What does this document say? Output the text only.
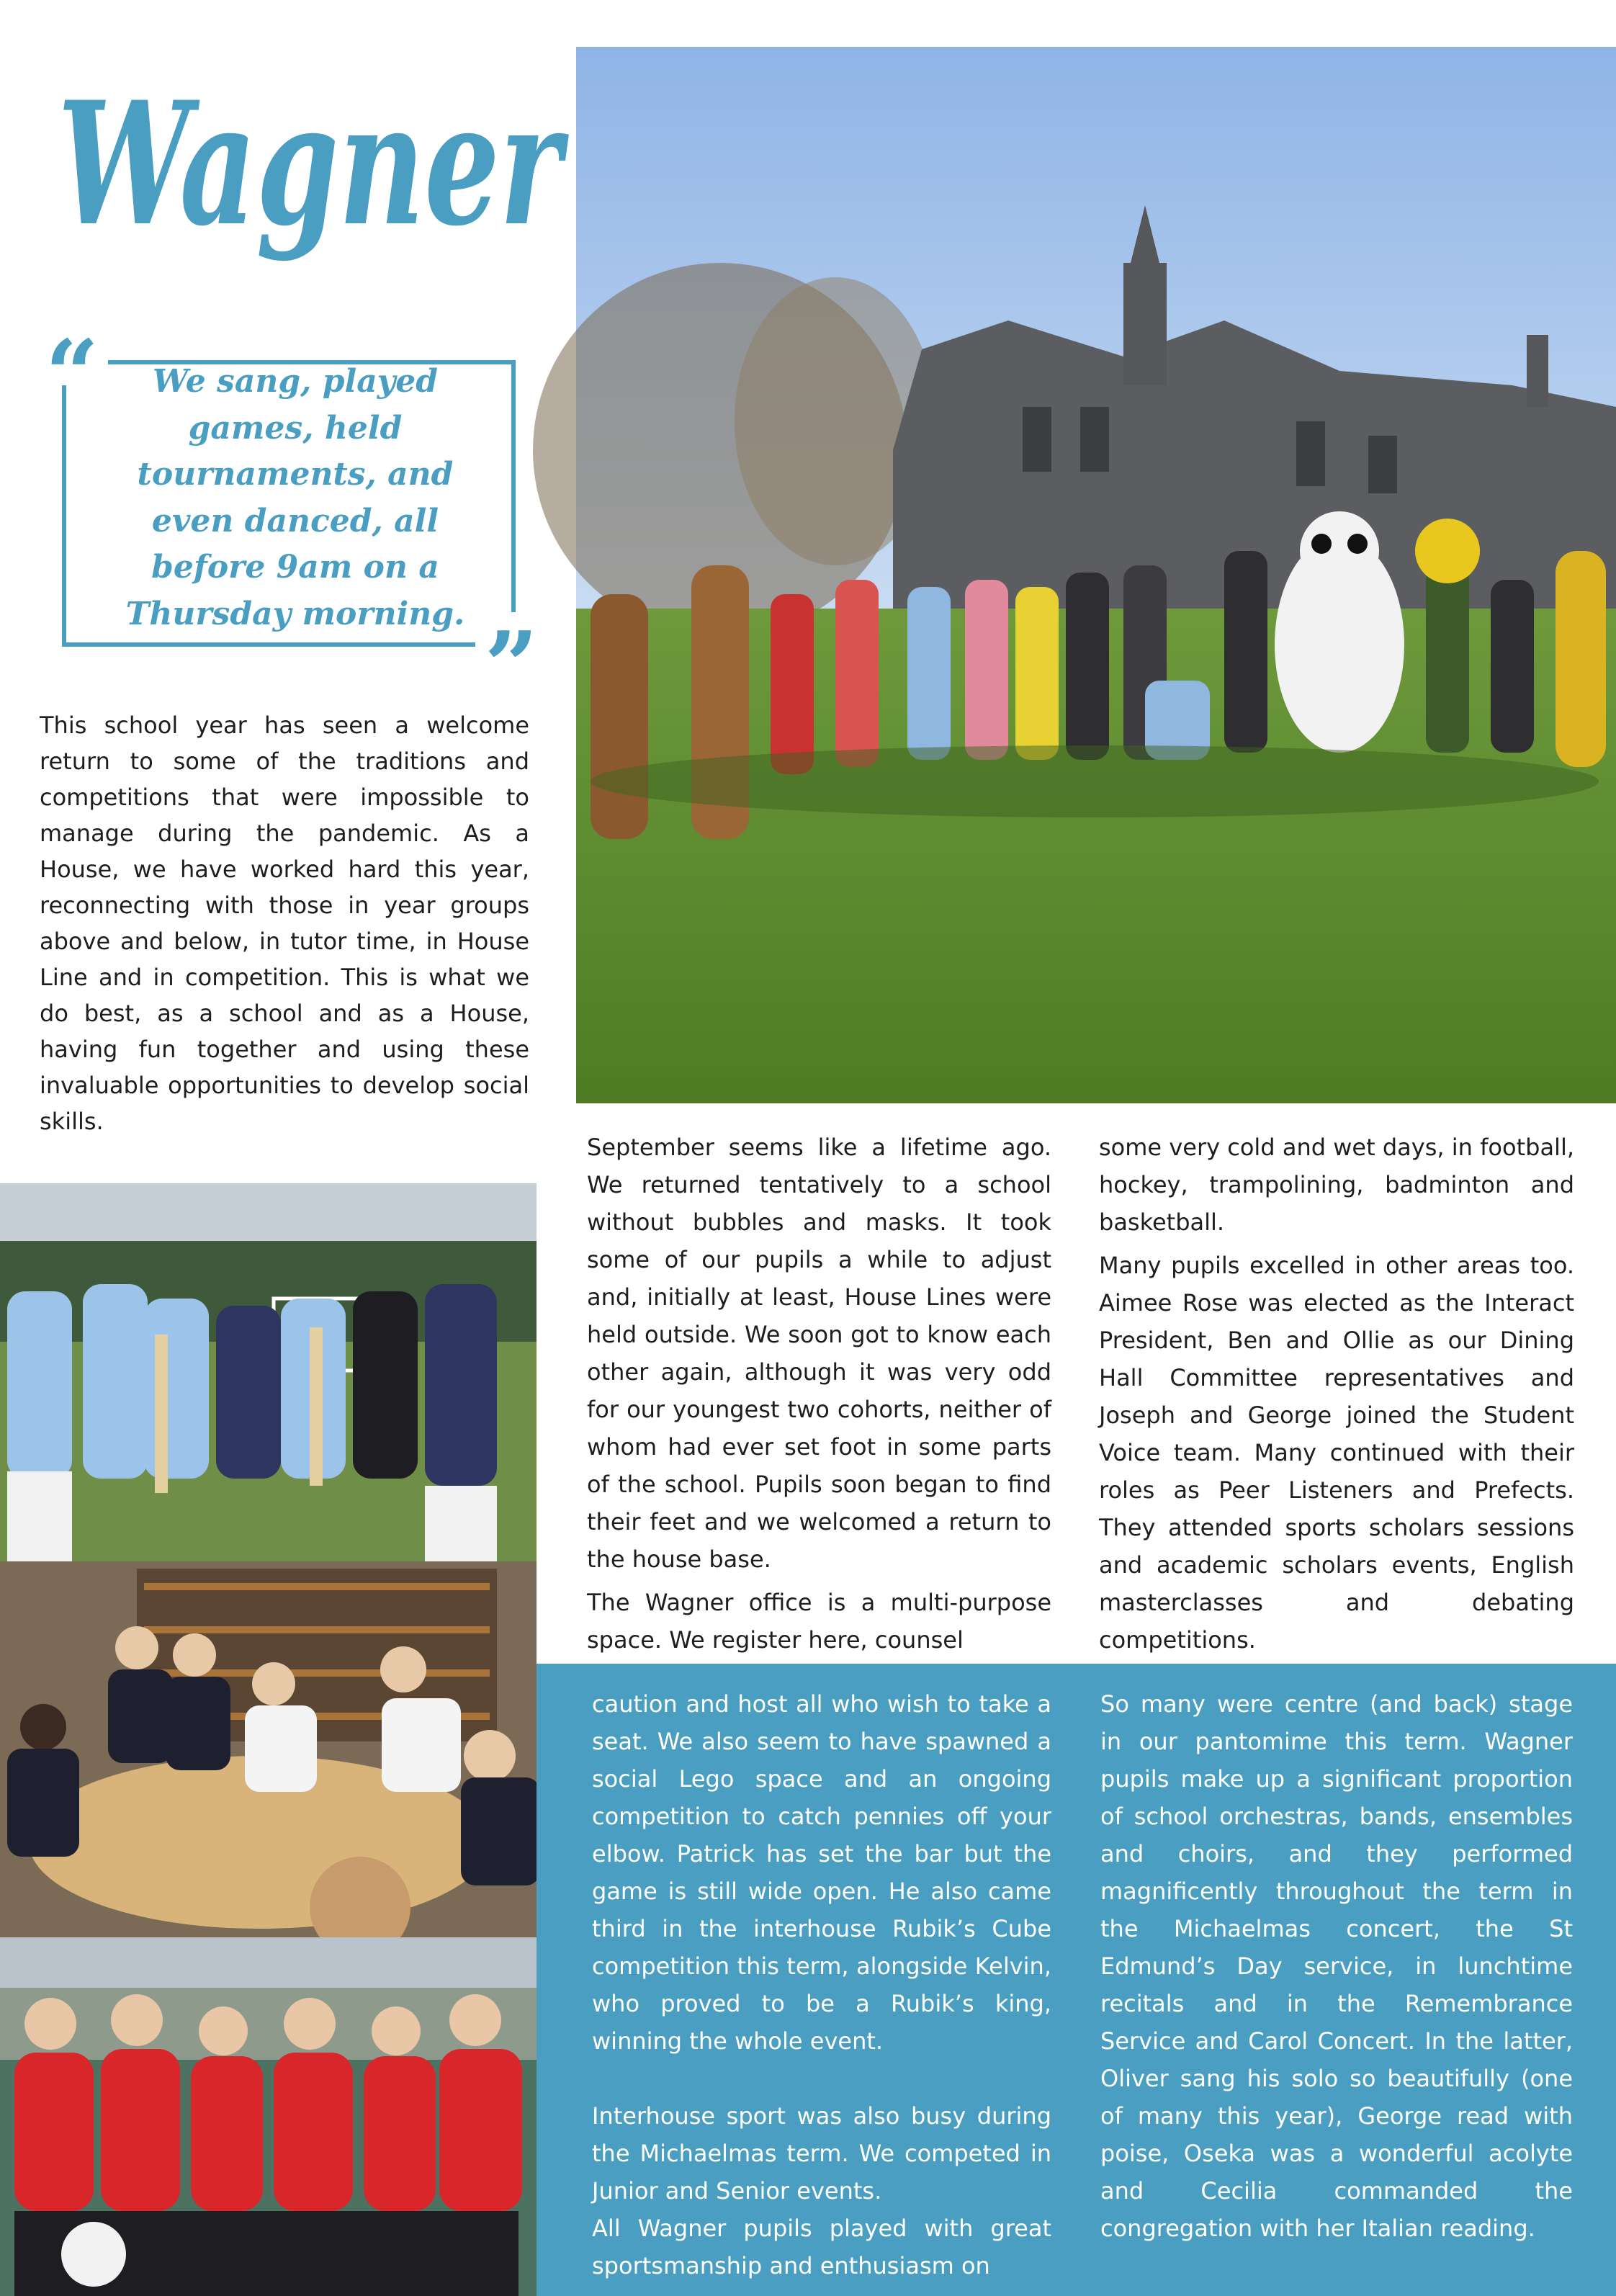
Wagner
“
”

We sang, played games, held tournaments, and even danced, all before 9am on a Thursday morning.

This school year has seen a welcome return to some of the traditions and competitions that were impossible to manage during the pandemic. As a House, we have worked hard this year, reconnecting with those in year groups above and below, in tutor time, in House Line and in competition. This is what we do best, as a school and as a House, having fun together and using these invaluable opportunities to develop social skills.

September seems like a lifetime ago. We returned tentatively to a school without bubbles and masks. It took some of our pupils a while to adjust and, initially at least, House Lines were held outside. We soon got to know each other again, although it was very odd for our youngest two cohorts, neither of whom had ever set foot in some parts of the school. Pupils soon began to find their feet and we welcomed a return to the house base.
The Wagner office is a multi-purpose space. We register here, counsel
some very cold and wet days, in football, hockey, trampolining, badminton and basketball.
Many pupils excelled in other areas too. Aimee Rose was elected as the Interact President, Ben and Ollie as our Dining Hall Committee representatives and Joseph and George joined the Student Voice team. Many continued with their roles as Peer Listeners and Prefects. They attended sports scholars sessions and academic scholars events, English masterclasses and debating competitions.
caution and host all who wish to take a seat. We also seem to have spawned a social Lego space and an ongoing competition to catch pennies off your elbow. Patrick has set the bar but the game is still wide open. He also came third in the interhouse Rubik’s Cube competition this term, alongside Kelvin, who proved to be a Rubik’s king, winning the whole event.
Interhouse sport was also busy during the Michaelmas term. We competed in Junior and Senior events.
All Wagner pupils played with great sportsmanship and enthusiasm on
So many were centre (and back) stage in our pantomime this term. Wagner pupils make up a significant proportion of school orchestras, bands, ensembles and choirs, and they performed magnificently throughout the term in the Michaelmas concert, the St Edmund’s Day service, in lunchtime recitals and in the Remembrance Service and Carol Concert. In the latter, Oliver sang his solo so beautifully (one of many this year), George read with poise, Oseka was a wonderful acolyte and Cecilia commanded the congregation with her Italian reading.
